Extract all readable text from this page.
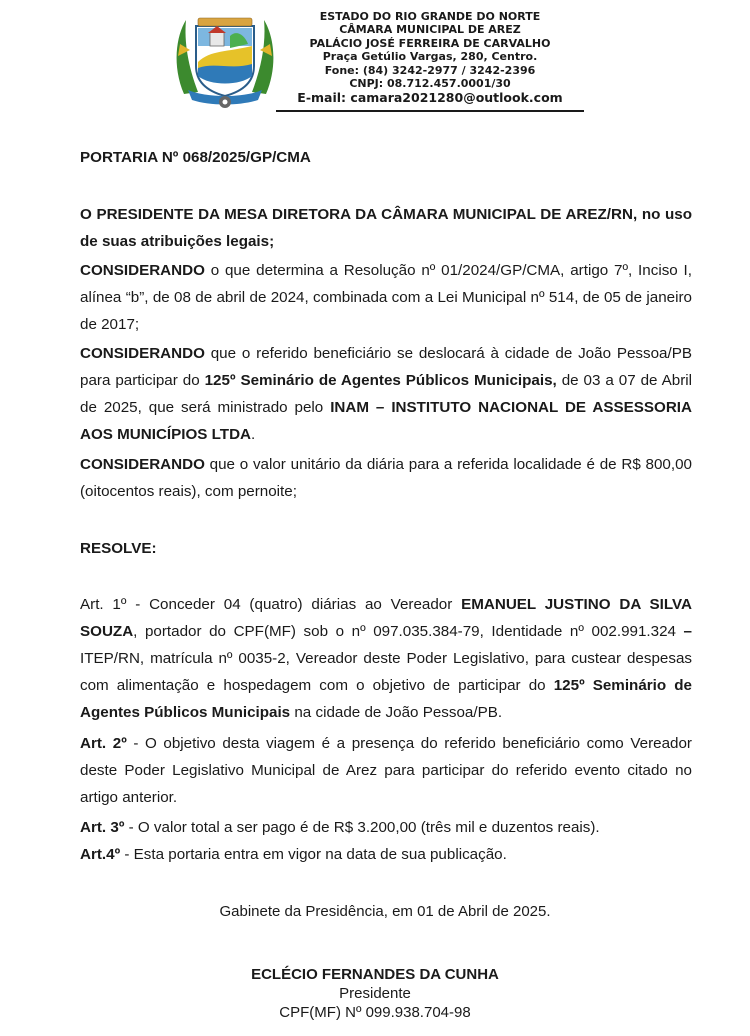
ESTADO DO RIO GRANDE DO NORTE
CÂMARA MUNICIPAL DE AREZ
PALÁCIO JOSÉ FERREIRA DE CARVALHO
Praça Getúlio Vargas, 280, Centro.
Fone: (84) 3242-2977 / 3242-2396
CNPJ: 08.712.457.0001/30
E-mail: camara2021280@outlook.com
PORTARIA Nº 068/2025/GP/CMA

O PRESIDENTE DA MESA DIRETORA DA CÂMARA MUNICIPAL DE AREZ/RN, no uso de suas atribuições legais;

CONSIDERANDO o que determina a Resolução nº 01/2024/GP/CMA, artigo 7º, Inciso I, alínea “b”, de 08 de abril de 2024, combinada com a Lei Municipal nº 514, de 05 de janeiro de 2017;

CONSIDERANDO que o referido beneficiário se deslocará à cidade de João Pessoa/PB para participar do 125º Seminário de Agentes Públicos Municipais, de 03 a 07 de Abril de 2025, que será ministrado pelo INAM – INSTITUTO NACIONAL DE ASSESSORIA AOS MUNICÍPIOS LTDA.

CONSIDERANDO que o valor unitário da diária para a referida localidade é de R$ 800,00 (oitocentos reais), com pernoite;

RESOLVE:

Art. 1º - Conceder 04 (quatro) diárias ao Vereador EMANUEL JUSTINO DA SILVA SOUZA, portador do CPF(MF) sob o nº 097.035.384-79, Identidade nº 002.991.324 – ITEP/RN, matrícula nº 0035-2, Vereador deste Poder Legislativo, para custear despesas com alimentação e hospedagem com o objetivo de participar do 125º Seminário de Agentes Públicos Municipais na cidade de João Pessoa/PB.

Art. 2º - O objetivo desta viagem é a presença do referido beneficiário como Vereador deste Poder Legislativo Municipal de Arez para participar do referido evento citado no artigo anterior.

Art. 3º - O valor total a ser pago é de R$ 3.200,00 (três mil e duzentos reais).

Art.4º - Esta portaria entra em vigor na data de sua publicação.

Gabinete da Presidência, em 01 de Abril de 2025.
ECLÉCIO FERNANDES DA CUNHA
Presidente
CPF(MF) Nº 099.938.704-98
